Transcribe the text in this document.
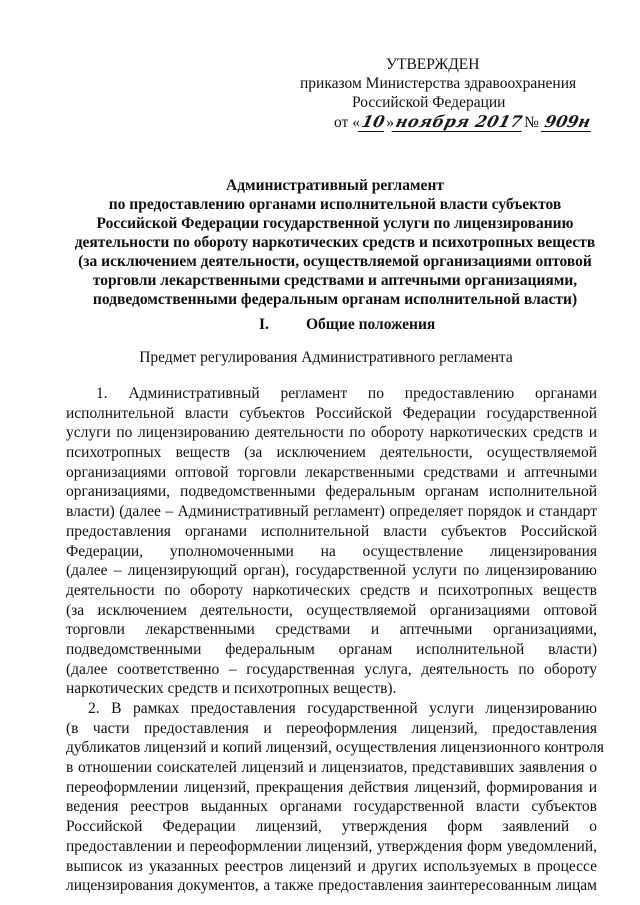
УТВЕРЖДЕН
приказом Министерства здравоохранения
Российской Федерации
от «10»ноября 2017№ 909н
Административный регламент
по предоставлению органами исполнительной власти субъектов
Российской Федерации государственной услуги по лицензированию
деятельности по обороту наркотических средств и психотропных веществ
(за исключением деятельности, осуществляемой организациями оптовой
торговли лекарственными средствами и аптечными организациями,
подведомственными федеральным органам исполнительной власти)
I. Общие положения
Предмет регулирования Административного регламента
1. Административный регламент по предоставлению органами
исполнительной власти субъектов Российской Федерации государственной
услуги по лицензированию деятельности по обороту наркотических средств и
психотропных веществ (за исключением деятельности, осуществляемой
организациями оптовой торговли лекарственными средствами и аптечными
организациями, подведомственными федеральным органам исполнительной
власти) (далее – Административный регламент) определяет порядок и стандарт
предоставления органами исполнительной власти субъектов Российской
Федерации, уполномоченными на осуществление лицензирования
(далее – лицензирующий орган), государственной услуги по лицензированию
деятельности по обороту наркотических средств и психотропных веществ
(за исключением деятельности, осуществляемой организациями оптовой
торговли лекарственными средствами и аптечными организациями,
подведомственными федеральным органам исполнительной власти)
(далее соответственно – государственная услуга, деятельность по обороту
наркотических средств и психотропных веществ).
2. В рамках предоставления государственной услуги лицензированию
(в части предоставления и переоформления лицензий, предоставления
дубликатов лицензий и копий лицензий, осуществления лицензионного контроля
в отношении соискателей лицензий и лицензиатов, представивших заявления о
переоформлении лицензий, прекращения действия лицензий, формирования и
ведения реестров выданных органами государственной власти субъектов
Российской Федерации лицензий, утверждения форм заявлений о
предоставлении и переоформлении лицензий, утверждения форм уведомлений,
выписок из указанных реестров лицензий и других используемых в процессе
лицензирования документов, а также предоставления заинтересованным лицам
